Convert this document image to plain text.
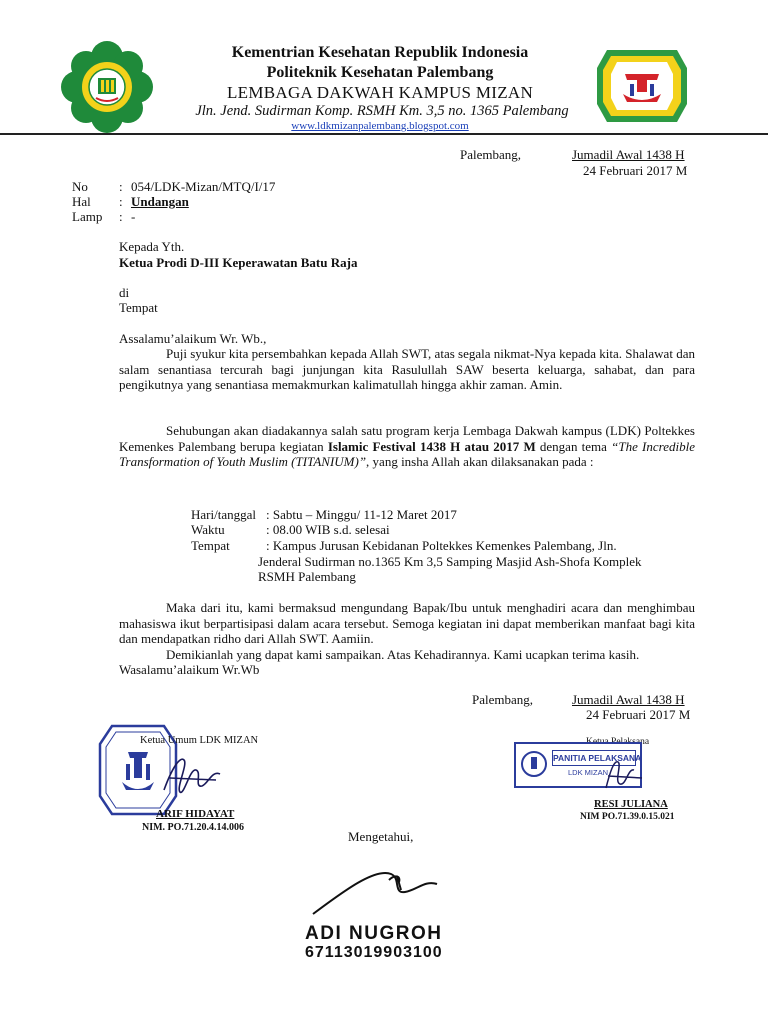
Kementrian Kesehatan Republik Indonesia
Politeknik Kesehatan Palembang
LEMBAGA DAKWAH KAMPUS MIZAN
Jln. Jend. Sudirman Komp. RSMH Km. 3,5 no. 1365 Palembang
www.ldkmizanpalembang.blogspot.com
Palembang,	Jumadil Awal 1438 H
24 Februari 2017 M
No : 054/LDK-Mizan/MTQ/I/17
Hal : Undangan
Lamp : -
Kepada Yth.
Ketua Prodi D-III Keperawatan Batu Raja
di
Tempat
Assalamu’alaikum Wr. Wb.,
Puji syukur kita persembahkan kepada Allah SWT, atas segala nikmat-Nya kepada kita. Shalawat dan salam senantiasa tercurah bagi junjungan kita Rasulullah SAW beserta keluarga, sahabat, dan para pengikutnya yang senantiasa memakmurkan kalimatullah hingga akhir zaman. Amin.
Sehubungan akan diadakannya salah satu program kerja Lembaga Dakwah kampus (LDK) Poltekkes Kemenkes Palembang berupa kegiatan Islamic Festival 1438 H atau 2017 M dengan tema “The Incredible Transformation of Youth Muslim (TITANIUM)”, yang insha Allah akan dilaksanakan pada :
Hari/tanggal : Sabtu – Minggu/ 11-12 Maret 2017
Waktu	: 08.00 WIB s.d. selesai
Tempat	: Kampus Jurusan Kebidanan Poltekkes Kemenkes Palembang, Jln.
Jenderal Sudirman no.1365 Km 3,5 Samping Masjid Ash-Shofa Komplek
RSMH Palembang
Maka dari itu, kami bermaksud mengundang Bapak/Ibu untuk menghadiri acara dan menghimbau mahasiswa ikut berpartisipasi dalam acara tersebut. Semoga kegiatan ini dapat memberikan manfaat bagi kita dan mendapatkan ridho dari Allah SWT. Aamiin.
Demikianlah yang dapat kami sampaikan. Atas Kehadirannya. Kami ucapkan terima kasih.
Wasalamu’alaikum Wr.Wb
Palembang,	Jumadil Awal 1438 H
24 Februari 2017 M
Ketua Umum LDK MIZAN
ARIF HIDAYAT
NIM. PO.71.20.4.14.006
Ketua Pelaksana
PANITIA PELAKSANA
LDK MIZAN
RESI JULIANA
NIM PO.71.39.0.15.021
Mengetahui,
ADI NUGROH
67113019903100
